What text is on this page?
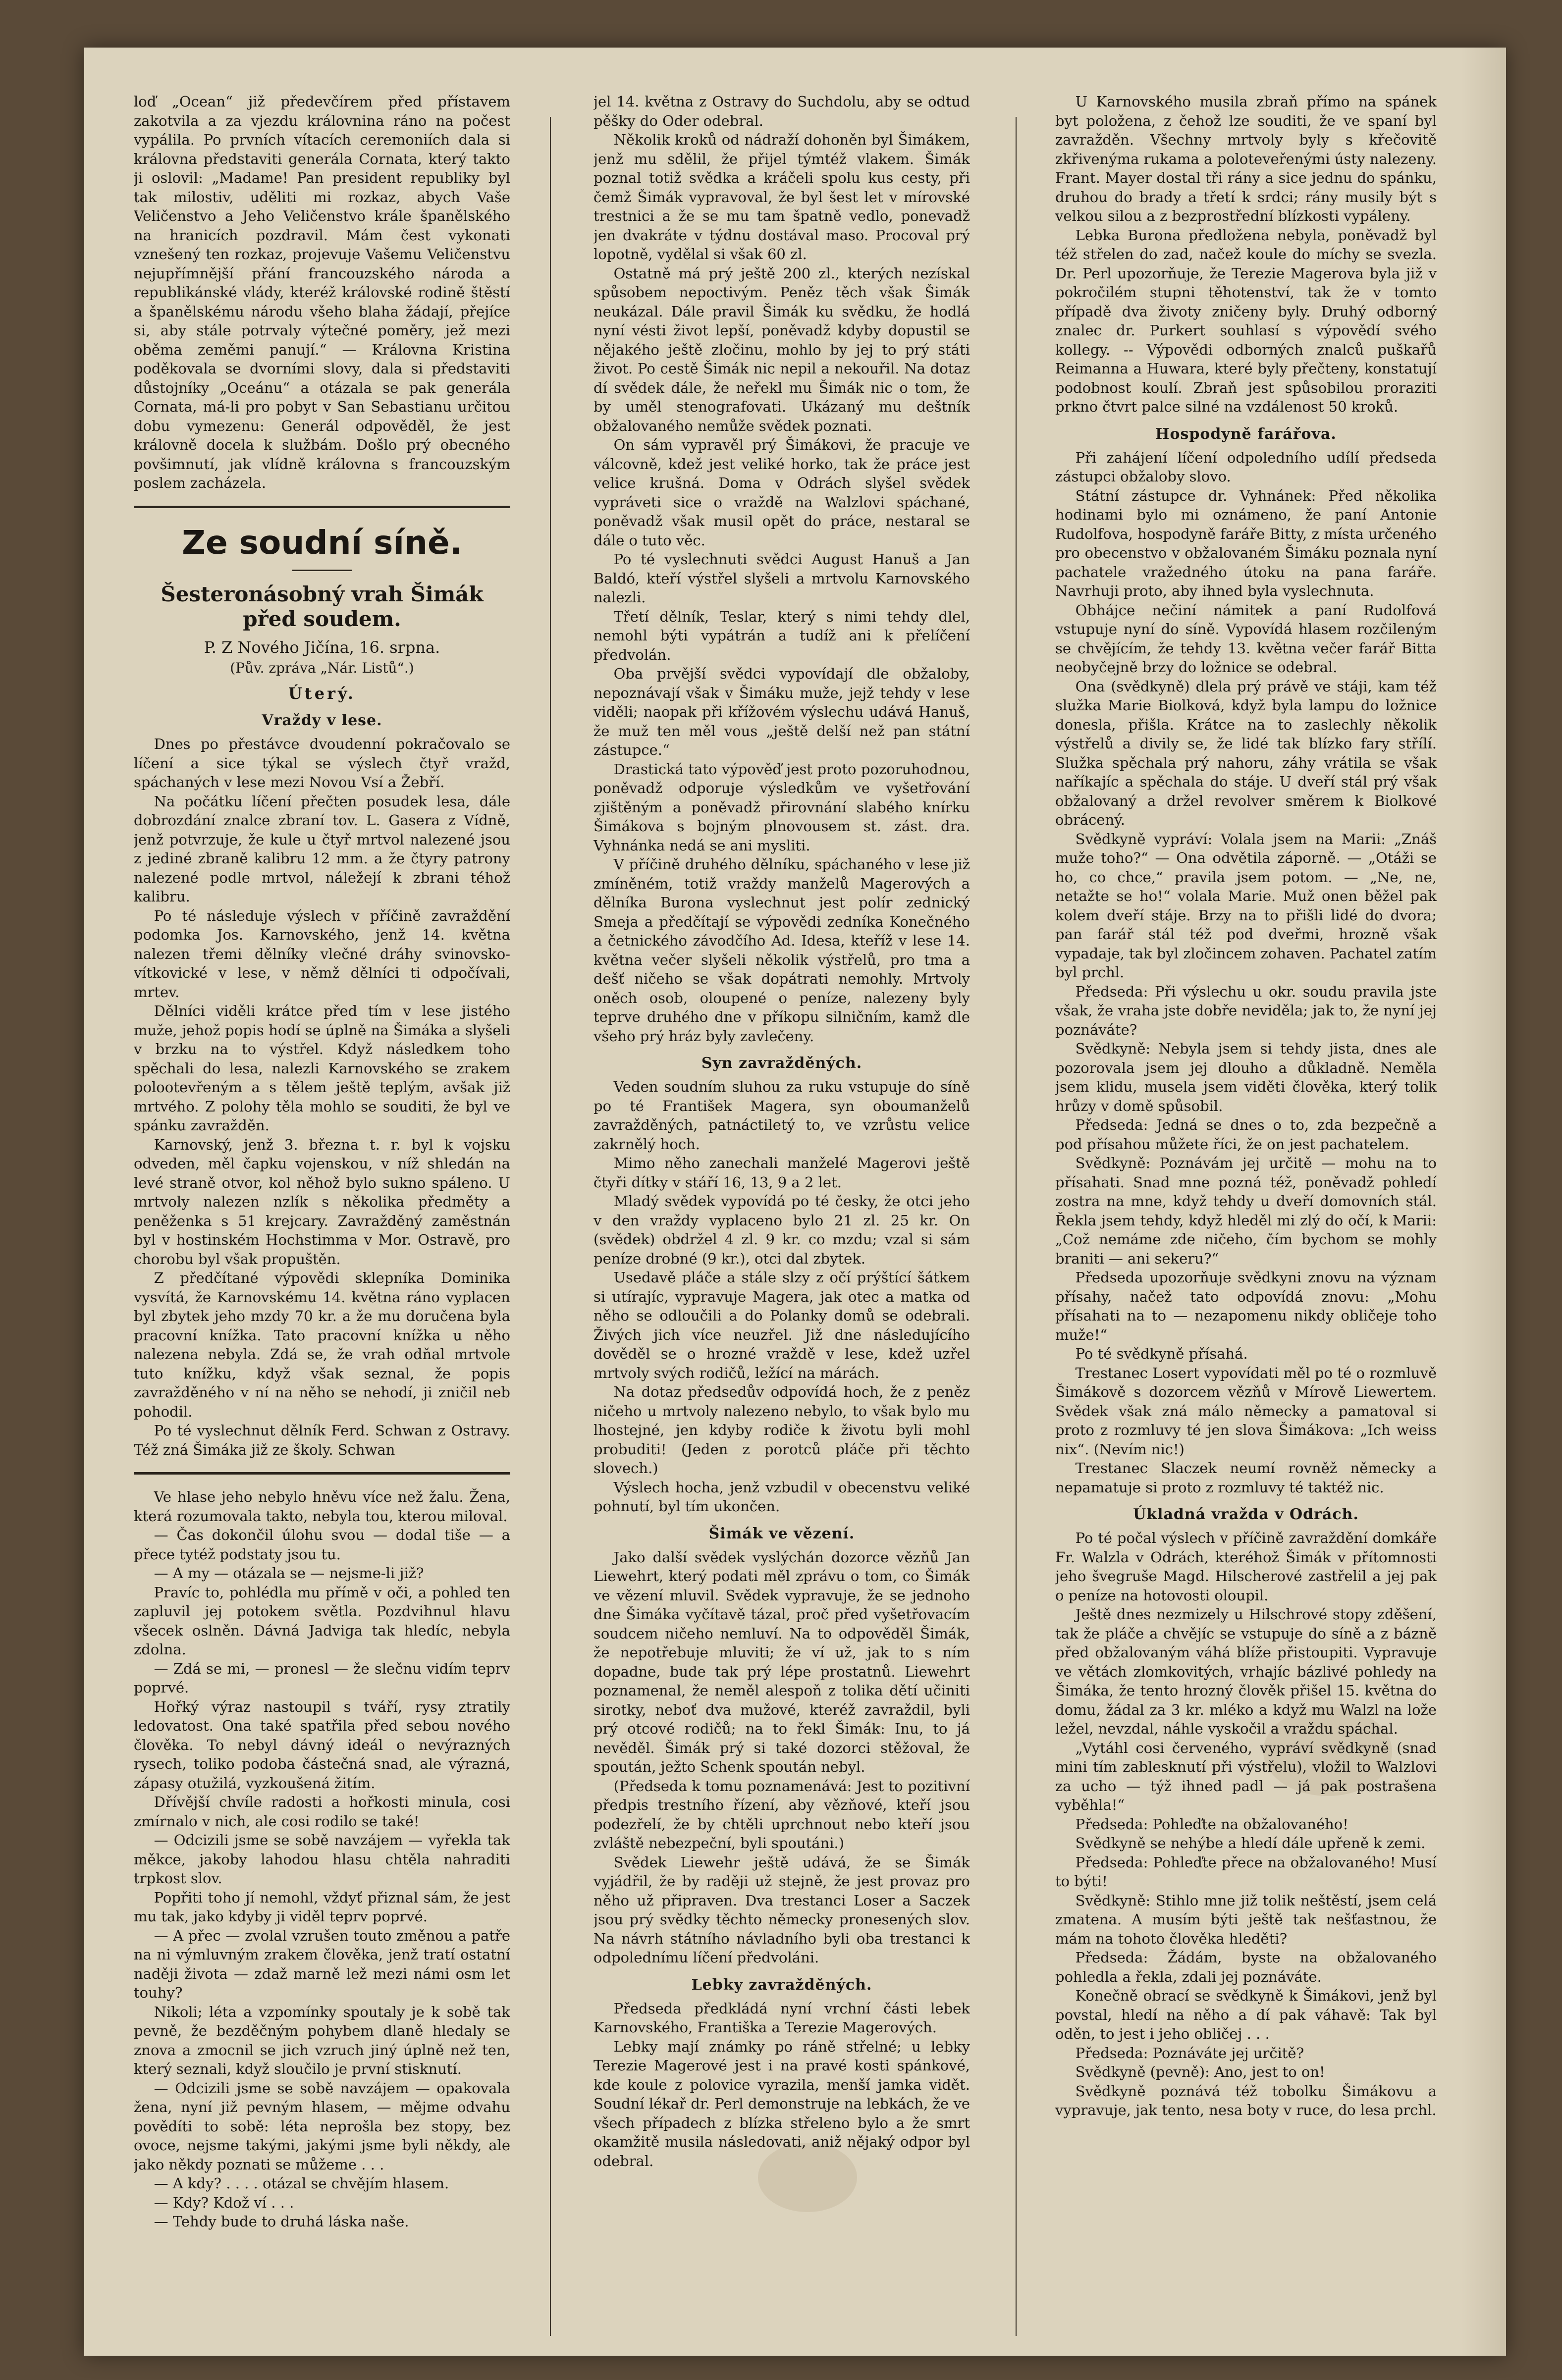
loď „Ocean“ již předevčírem před přístavem zakotvila a za vjezdu královnina ráno na počest vypálila. Po prvních vítacích ceremoniích dala si královna představiti generála Cornata, který takto ji oslovil: „Madame! Pan president republiky byl tak milostiv, uděliti mi rozkaz, abych Vaše Veličenstvo a Jeho Veličenstvo krále španělského na hranicích pozdravil. Mám čest vykonati vznešený ten rozkaz, projevuje Vašemu Veličenstvu nejupřímnější přání francouzského národa a republikánské vlády, kteréž královské rodině štěstí a španělskému národu všeho blaha žádají, přejíce si, aby stále potrvaly výtečné poměry, jež mezi oběma zeměmi panují.“ — Královna Kristina poděkovala se dvorními slovy, dala si představiti důstojníky „Oceánu“ a otázala se pak generála Cornata, má-li pro pobyt v San Sebastianu určitou dobu vymezenu: Generál odpověděl, že jest královně docela k službám. Došlo prý obecného povšimnutí, jak vlídně královna s francouzským poslem zacházela.

Ze soudní síně.
Šesteronásobný vrah Šimák před soudem.
P. Z Nového Jičína, 16. srpna.
(Pův. zpráva „Nár. Listů“.)
Úterý.
Vraždy v lese.

Dnes po přestávce dvoudenní pokračovalo se líčení a sice týkal se výslech čtyř vražd, spáchaných v lese mezi Novou Vsí a Žebří.

Na počátku líčení přečten posudek lesa, dále dobrozdání znalce zbraní tov. L. Gasera z Vídně, jenž potvrzuje, že kule u čtyř mrtvol nalezené jsou z jediné zbraně kalibru 12 mm. a že čtyry patrony nalezené podle mrtvol, náležejí k zbrani téhož kalibru.

Po té následuje výslech v příčině zavraždění podomka Jos. Karnovského, jenž 14. května nalezen třemi dělníky vlečné dráhy svinovsko-vítkovické v lese, v němž dělníci ti odpočívali, mrtev.

Dělníci viděli krátce před tím v lese jistého muže, jehož popis hodí se úplně na Šimáka a slyšeli v brzku na to výstřel. Když následkem toho spěchali do lesa, nalezli Karnovského se zrakem polootevřeným a s tělem ještě teplým, avšak již mrtvého. Z polohy těla mohlo se souditi, že byl ve spánku zavražděn.

Karnovský, jenž 3. března t. r. byl k vojsku odveden, měl čapku vojenskou, v níž shledán na levé straně otvor, kol něhož bylo sukno spáleno. U mrtvoly nalezen nzlík s několika předměty a peněženka s 51 krejcary. Zavražděný zaměstnán byl v hostinském Hochstimma v Mor. Ostravě, pro chorobu byl však propuštěn.

Z předčítané výpovědi sklepníka Dominika vysvítá, že Karnovskému 14. května ráno vyplacen byl zbytek jeho mzdy 70 kr. a že mu doručena byla pracovní knížka. Tato pracovní knížka u něho nalezena nebyla. Zdá se, že vrah odňal mrtvole tuto knížku, když však seznal, že popis zavražděného v ní na něho se nehodí, ji zničil neb pohodil.

Po té vyslechnut dělník Ferd. Schwan z Ostravy. Též zná Šimáka již ze školy. Schwan

Ve hlase jeho nebylo hněvu více než žalu. Žena, která rozumovala takto, nebyla tou, kterou miloval.

— Čas dokončil úlohu svou — dodal tiše — a přece tytéž podstaty jsou tu.

— A my — otázala se — nejsme-li již?

Pravíc to, pohlédla mu přímě v oči, a pohled ten zapluvil jej potokem světla. Pozdvihnul hlavu všecek oslněn. Dávná Jadviga tak hledíc, nebyla zdolna.

— Zdá se mi, — pronesl — že slečnu vidím teprv poprvé.

Hořký výraz nastoupil s tváří, rysy ztratily ledovatost. Ona také spatřila před sebou nového člověka. To nebyl dávný ideál o nevýrazných rysech, toliko podoba částečná snad, ale výrazná, zápasy otužilá, vyzkoušená žitím.

Dřívější chvíle radosti a hořkosti minula, cosi zmírnalo v nich, ale cosi rodilo se také!

— Odcizili jsme se sobě navzájem — vyřekla tak měkce, jakoby lahodou hlasu chtěla nahraditi trpkost slov.

Popřiti toho jí nemohl, vždyť přiznal sám, že jest mu tak, jako kdyby ji viděl teprv poprvé.

— A přec — zvolal vzrušen touto změnou a patře na ni výmluvným zrakem člověka, jenž tratí ostatní naději života — zdaž marně lež mezi námi osm let touhy?

Nikoli; léta a vzpomínky spoutaly je k sobě tak pevně, že bezděčným pohybem dlaně hledaly se znova a zmocnil se jich vzruch jiný úplně než ten, který seznali, když sloučilo je první stisknutí.

— Odcizili jsme se sobě navzájem — opakovala žena, nyní již pevným hlasem, — mějme odvahu povědíti to sobě: léta neprošla bez stopy, bez ovoce, nejsme takými, jakými jsme byli někdy, ale jako někdy poznati se můžeme . . .

— A kdy? . . . . otázal se chvějím hlasem.

— Kdy? Kdož ví . . .

— Tehdy bude to druhá láska naše.

jel 14. května z Ostravy do Suchdolu, aby se odtud pěšky do Oder odebral.

Několik kroků od nádraží dohoněn byl Šimákem, jenž mu sdělil, že přijel týmtéž vlakem. Šimák poznal totiž svědka a kráčeli spolu kus cesty, při čemž Šimák vypravoval, že byl šest let v mírovské trestnici a že se mu tam špatně vedlo, ponevadž jen dvakráte v týdnu dostával maso. Procoval prý lopotně, vydělal si však 60 zl.

Ostatně má prý ještě 200 zl., kterých nezískal spůsobem nepoctivým. Peněz těch však Šimák neukázal. Dále pravil Šimák ku svědku, že hodlá nyní vésti život lepší, poněvadž kdyby dopustil se nějakého ještě zločinu, mohlo by jej to prý státi život. Po cestě Šimák nic nepil a nekouřil. Na dotaz dí svědek dále, že neřekl mu Šimák nic o tom, že by uměl stenografovati. Ukázaný mu deštník obžalovaného nemůže svědek poznati.

On sám vypravěl prý Šimákovi, že pracuje ve válcovně, kdež jest veliké horko, tak že práce jest velice krušná. Doma v Odrách slyšel svědek vypráveti sice o vraždě na Walzlovi spáchané, poněvadž však musil opět do práce, nestaral se dále o tuto věc.

Po té vyslechnuti svědci August Hanuš a Jan Baldó, kteří výstřel slyšeli a mrtvolu Karnovského nalezli.

Třetí dělník, Teslar, který s nimi tehdy dlel, nemohl býti vypátrán a tudíž ani k přelíčení předvolán.

Oba prvější svědci vypovídají dle obžaloby, nepoznávají však v Šimáku muže, jejž tehdy v lese viděli; naopak při křížovém výslechu udává Hanuš, že muž ten měl vous „ještě delší než pan státní zástupce.“

Drastická tato výpověď jest proto pozoruhodnou, poněvadž odporuje výsledkům ve vyšetřování zjištěným a poněvadž přirovnání slabého knírku Šimákova s bojným plnovousem st. zást. dra. Vyhnánka nedá se ani mysliti.

V příčině druhého dělníku, spáchaného v lese již zmíněném, totiž vraždy manželů Magerových a dělníka Burona vyslechnut jest polír zednický Smeja a předčítají se výpovědi zedníka Konečného a četnického závodčího Ad. Idesa, kteříž v lese 14. května večer slyšeli několik výstřelů, pro tma a dešť ničeho se však dopátrati nemohly. Mrtvoly oněch osob, oloupené o peníze, nalezeny byly teprve druhého dne v příkopu silničním, kamž dle všeho prý hráz byly zavlečeny.

Syn zavražděných.

Veden soudním sluhou za ruku vstupuje do síně po té František Magera, syn oboumanželů zavražděných, patnáctiletý to, ve vzrůstu velice zakrnělý hoch.

Mimo něho zanechali manželé Magerovi ještě čtyři dítky v stáří 16, 13, 9 a 2 let.

Mladý svědek vypovídá po té česky, že otci jeho v den vraždy vyplaceno bylo 21 zl. 25 kr. On (svědek) obdržel 4 zl. 9 kr. co mzdu; vzal si sám peníze drobné (9 kr.), otci dal zbytek.

Usedavě pláče a stále slzy z očí prýštící šátkem si utírajíc, vypravuje Magera, jak otec a matka od něho se odloučili a do Polanky domů se odebrali. Živých jich více neuzřel. Již dne následujícího dověděl se o hrozné vraždě v lese, kdež uzřel mrtvoly svých rodičů, ležící na márách.

Na dotaz předsedův odpovídá hoch, že z peněz ničeho u mrtvoly nalezeno nebylo, to však bylo mu lhostejné, jen kdyby rodiče k životu byli mohl probuditi! (Jeden z porotců pláče při těchto slovech.)

Výslech hocha, jenž vzbudil v obecenstvu veliké pohnutí, byl tím ukončen.

Šimák ve vězení.

Jako další svědek vyslýchán dozorce vězňů Jan Liewehrt, který podati měl zprávu o tom, co Šimák ve vězení mluvil. Svědek vypravuje, že se jednoho dne Šimáka vyčítavě tázal, proč před vyšetřovacím soudcem ničeho nemluví. Na to odpověděl Šimák, že nepotřebuje mluviti; že ví už, jak to s ním dopadne, bude tak prý lépe prostatnů. Liewehrt poznamenal, že neměl alespoň z tolika dětí učiniti sirotky, neboť dva mužové, kteréž zavraždil, byli prý otcové rodičů; na to řekl Šimák: Inu, to já nevěděl. Šimák prý si také dozorci stěžoval, že spoután, ježto Schenk spoután nebyl.

(Předseda k tomu poznamenává: Jest to pozitivní předpis trestního řízení, aby vězňové, kteří jsou podezřelí, že by chtěli uprchnout nebo kteří jsou zvláště nebezpeční, byli spoutáni.)

Svědek Liewehr ještě udává, že se Šimák vyjádřil, že by raději už stejně, že jest provaz pro něho už připraven. Dva trestanci Loser a Saczek jsou prý svědky těchto německy pronesených slov. Na návrh státního návladního byli oba trestanci k odpolednímu líčení předvoláni.

Lebky zavražděných.

Předseda předkládá nyní vrchní části lebek Karnovského, Františka a Terezie Magerových.

Lebky mají známky po ráně střelné; u lebky Terezie Magerové jest i na pravé kosti spánkové, kde koule z polovice vyrazila, menší jamka vidět. Soudní lékař dr. Perl demonstruje na lebkách, že ve všech případech z blízka střeleno bylo a že smrt okamžitě musila následovati, aniž nějaký odpor byl odebral.

U Karnovského musila zbraň přímo na spánek byt položena, z čehož lze souditi, že ve spaní byl zavražděn. Všechny mrtvoly byly s křečovitě zkřivenýma rukama a poloteveřenými ústy nalezeny. Frant. Mayer dostal tři rány a sice jednu do spánku, druhou do brady a třetí k srdci; rány musily být s velkou silou a z bezprostřední blízkosti vypáleny.

Lebka Burona předložena nebyla, poněvadž byl též střelen do zad, načež koule do míchy se svezla. Dr. Perl upozorňuje, že Terezie Magerova byla již v pokročilém stupni těhotenství, tak že v tomto případě dva životy zničeny byly. Druhý odborný znalec dr. Purkert souhlasí s výpovědí svého kollegy. -- Výpovědi odborných znalců puškařů Reimanna a Huwara, které byly přečteny, konstatují podobnost koulí. Zbraň jest spůsobilou proraziti prkno čtvrt palce silné na vzdálenost 50 kroků.

Hospodyně farářova.

Při zahájení líčení odpoledního udílí předseda zástupci obžaloby slovo.

Státní zástupce dr. Vyhnánek: Před několika hodinami bylo mi oznámeno, že paní Antonie Rudolfova, hospodyně faráře Bitty, z místa určeného pro obecenstvo v obžalovaném Šimáku poznala nyní pachatele vražedného útoku na pana faráře. Navrhuji proto, aby ihned byla vyslechnuta.

Obhájce nečiní námitek a paní Rudolfová vstupuje nyní do síně. Vypovídá hlasem rozčileným se chvějícím, že tehdy 13. května večer farář Bitta neobyčejně brzy do ložnice se odebral.

Ona (svědkyně) dlela prý právě ve stáji, kam též služka Marie Biolková, když byla lampu do ložnice donesla, přišla. Krátce na to zaslechly několik výstřelů a divily se, že lidé tak blízko fary střílí. Služka spěchala prý nahoru, záhy vrátila se však naříkajíc a spěchala do stáje. U dveří stál prý však obžalovaný a držel revolver směrem k Biolkové obrácený.

Svědkyně vypráví: Volala jsem na Marii: „Znáš muže toho?“ — Ona odvětila záporně. — „Otáži se ho, co chce,“ pravila jsem potom. — „Ne, ne, netažte se ho!“ volala Marie. Muž onen běžel pak kolem dveří stáje. Brzy na to přišli lidé do dvora; pan farář stál též pod dveřmi, hrozně však vypadaje, tak byl zločincem zohaven. Pachatel zatím byl prchl.

Předseda: Při výslechu u okr. soudu pravila jste však, že vraha jste dobře neviděla; jak to, že nyní jej poznáváte?

Svědkyně: Nebyla jsem si tehdy jista, dnes ale pozorovala jsem jej dlouho a důkladně. Neměla jsem klidu, musela jsem viděti člověka, který tolik hrůzy v domě spůsobil.

Předseda: Jedná se dnes o to, zda bezpečně a pod přísahou můžete říci, že on jest pachatelem.

Svědkyně: Poznávám jej určitě — mohu na to přísahati. Snad mne pozná též, poněvadž pohledí zostra na mne, když tehdy u dveří domovních stál. Řekla jsem tehdy, když hleděl mi zlý do očí, k Marii: „Což nemáme zde ničeho, čím bychom se mohly braniti — ani sekeru?“

Předseda upozorňuje svědkyni znovu na význam přísahy, načež tato odpovídá znovu: „Mohu přísahati na to — nezapomenu nikdy obličeje toho muže!“

Po té svědkyně přísahá.

Trestanec Losert vypovídati měl po té o rozmluvě Šimákově s dozorcem vězňů v Mírově Liewertem. Svědek však zná málo německy a pamatoval si proto z rozmluvy té jen slova Šimákova: „Ich weiss nix“. (Nevím nic!)

Trestanec Slaczek neumí rovněž německy a nepamatuje si proto z rozmluvy té taktéž nic.

Úkladná vražda v Odrách.

Po té počal výslech v příčině zavraždění domkáře Fr. Walzla v Odrách, kteréhož Šimák v přítomnosti jeho švegruše Magd. Hilscherové zastřelil a jej pak o peníze na hotovosti oloupil.

Ještě dnes nezmizely u Hilschrové stopy zděšení, tak že pláče a chvějíc se vstupuje do síně a z bázně před obžalovaným váhá blíže přistoupiti. Vypravuje ve větách zlomkovitých, vrhajíc bázlivé pohledy na Šimáka, že tento hrozný člověk přišel 15. května do domu, žádal za 3 kr. mléko a když mu Walzl na lože ležel, nevzdal, náhle vyskočil a vraždu spáchal.

„Vytáhl cosi červeného, vypráví svědkyně (snad mini tím zablesknutí při výstřelu), vložil to Walzlovi za ucho — týž ihned padl — já pak postrašena vyběhla!“

Předseda: Pohleďte na obžalovaného!

Svědkyně se nehýbe a hledí dále upřeně k zemi.

Předseda: Pohleďte přece na obžalovaného! Musí to býti!

Svědkyně: Stihlo mne již tolik neštěstí, jsem celá zmatena. A musím býti ještě tak nešťastnou, že mám na tohoto člověka hleděti?

Předseda: Žádám, byste na obžalovaného pohledla a řekla, zdali jej poznáváte.

Konečně obrací se svědkyně k Šimákovi, jenž byl povstal, hledí na něho a dí pak váhavě: Tak byl oděn, to jest i jeho obličej . . .

Předseda: Poznáváte jej určitě?

Svědkyně (pevně): Ano, jest to on!

Svědkyně poznává též tobolku Šimákovu a vypravuje, jak tento, nesa boty v ruce, do lesa prchl.
